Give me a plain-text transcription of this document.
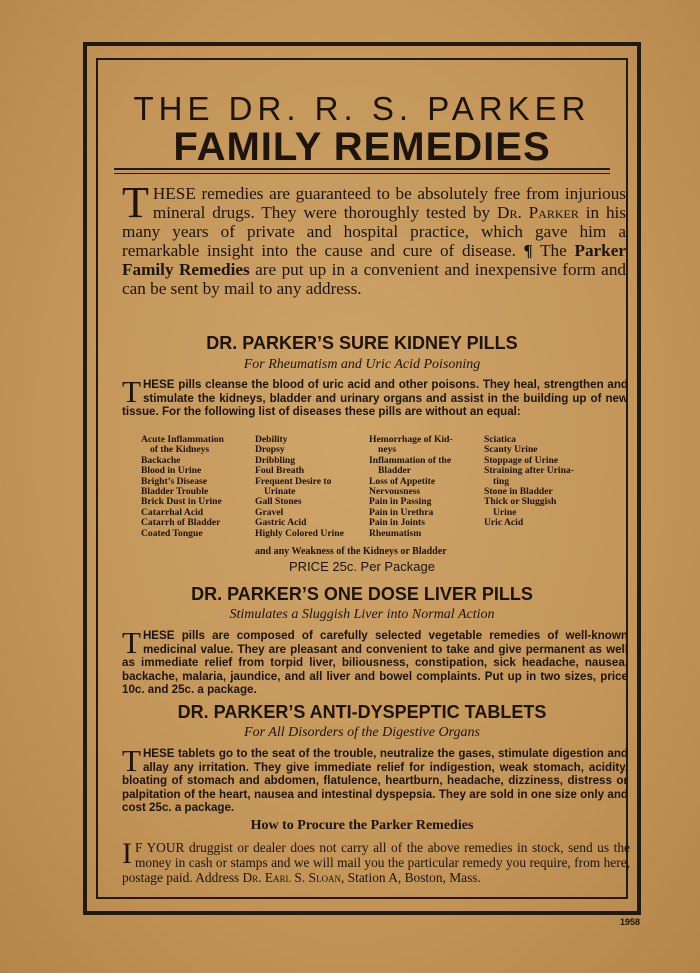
THE DR. R. S. PARKER
FAMILY REMEDIES
THESE remedies are guaranteed to be absolutely free from injurious mineral drugs. They were thoroughly tested by Dr. Parker in his many years of private and hospital practice, which gave him a remarkable insight into the cause and cure of disease. ¶ The Parker Family Remedies are put up in a convenient and inexpensive form and can be sent by mail to any address.
DR. PARKER’S SURE KIDNEY PILLS
For Rheumatism and Uric Acid Poisoning
THESE pills cleanse the blood of uric acid and other poisons. They heal, strengthen and stimulate the kidneys, bladder and urinary organs and assist in the building up of new tissue. For the following list of diseases these pills are without an equal:
Acute Inflammation
of the Kidneys
Backache
Blood in Urine
Bright’s Disease
Bladder Trouble
Brick Dust in Urine
Catarrhal Acid
Catarrh of Bladder
Coated Tongue
Debility
Dropsy
Dribbling
Foul Breath
Frequent Desire to
Urinate
Gall Stones
Gravel
Gastric Acid
Highly Colored Urine
Hemorrhage of Kid-
neys
Inflammation of the
Bladder
Loss of Appetite
Nervousness
Pain in Passing
Pain in Urethra
Pain in Joints
Rheumatism
Sciatica
Scanty Urine
Stoppage of Urine
Straining after Urina-
ting
Stone in Bladder
Thick or Sluggish
Urine
Uric Acid
and any Weakness of the Kidneys or Bladder
PRICE 25c. Per Package
DR. PARKER’S ONE DOSE LIVER PILLS
Stimulates a Sluggish Liver into Normal Action
THESE pills are composed of carefully selected vegetable remedies of well-known medicinal value. They are pleasant and convenient to take and give permanent as well as immediate relief from torpid liver, biliousness, constipation, sick headache, nausea, backache, malaria, jaundice, and all liver and bowel complaints. Put up in two sizes, price 10c. and 25c. a package.
DR. PARKER’S ANTI-DYSPEPTIC TABLETS
For All Disorders of the Digestive Organs
THESE tablets go to the seat of the trouble, neutralize the gases, stimulate digestion and allay any irritation. They give immediate relief for indigestion, weak stomach, acidity, bloating of stomach and abdomen, flatulence, heartburn, headache, dizziness, distress or palpitation of the heart, nausea and intestinal dyspepsia. They are sold in one size only and cost 25c. a package.
How to Procure the Parker Remedies
I F YOUR druggist or dealer does not carry all of the above remedies in stock, send us the money in cash or stamps and we will mail you the particular remedy you require, from here, postage paid. Address Dr. Earl S. Sloan, Station A, Boston, Mass.
1958
